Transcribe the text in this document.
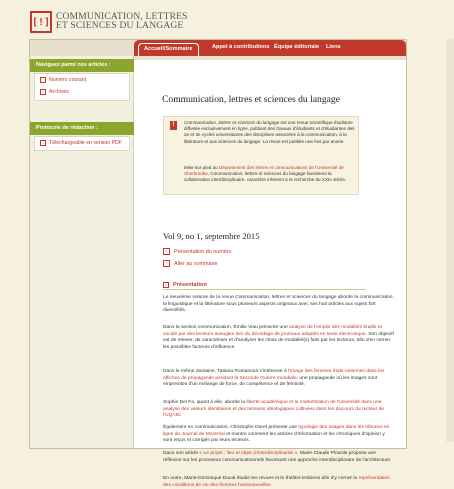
[!] COMMUNICATION, LETTRES
ET SCIENCES DU LANGAGE
Accueil/Sommaire	Appel à contributions Équipe éditoriale Liens
Naviguez parmi nos articles :
›	Numéro courant
›	Archives
Protocole de rédaction :
›	Téléchargeable en version PDF
Communication, lettres et sciences du langage
!	Communication, lettres et sciences du langage est une revue scientifique étudiante diffusée exclusivement en ligne, publiant des travaux d'étudiants et d'étudiantes des 2e et 3e cycles universitaires des disciplines associées à la communication, à la littérature et aux sciences du langage. La revue est publiée une fois par année.

Mise sur pied au Département des lettres et communications de l'Université de Sherbrooke, Communication, lettres et sciences du langage favorisent la collaboration interdisciplinaire, caractère inhérent à la recherche du XXIe siècle.

Vol 9, no 1, septembre 2015
›	Présentation du numéro
›	Aller au sommaire
›	Présentation
Le neuvième volume de la revue Communication, lettres et sciences du langage aborde la communication, la linguistique et la littérature sous plusieurs aspects originaux avec ses huit articles aux sujets fort diversifiés.
Dans la section communication, Émilie Viau présente une analyse de l'emploi des modalités braille et vocale par des lecteurs aveugles lors du décodage de journaux adaptés en texte électronique. Son objectif est de relever, de caractériser et d'analyser les choix de modalité(s) faits par les lecteurs, afin d'en cerner les possibles facteurs d'influence.
Dans le même domaine, Tatiana Romanova s'intéresse à l'image des femmes états-uniennes dans les affiches de propagande pendant la Seconde Guerre mondiale, une propagande où les images sont empreintes d'un mélange de force, de compétence et de féminité.
Sophie Del Fa, quant à elle, aborde la liberté académique et la marketization de l'université dans une analyse des valeurs identitaires et des tensions idéologiques cultivées dans les discours du recteur de l'UQAM.
Également en communication, Christophe Duret présente une typologie des usages dans les tribunes en ligne du Journal de Montréal et montre comment les articles d'information et les chroniques d'opinion y sont reçus et corrigés par leurs lecteurs.
Dans son article « Le projet : lieu et objet d'interdisciplinarité », Marie-Claude Plourde propose une réflexion sur les processus communicationnels favorisant une approche interdisciplinaire de l'architecture.
En outre, Marie-Dominique Duval étudie les revues et le théâtre lesbiens afin d'y cerner la représentation des conditions de vie des femmes homosexuelles
